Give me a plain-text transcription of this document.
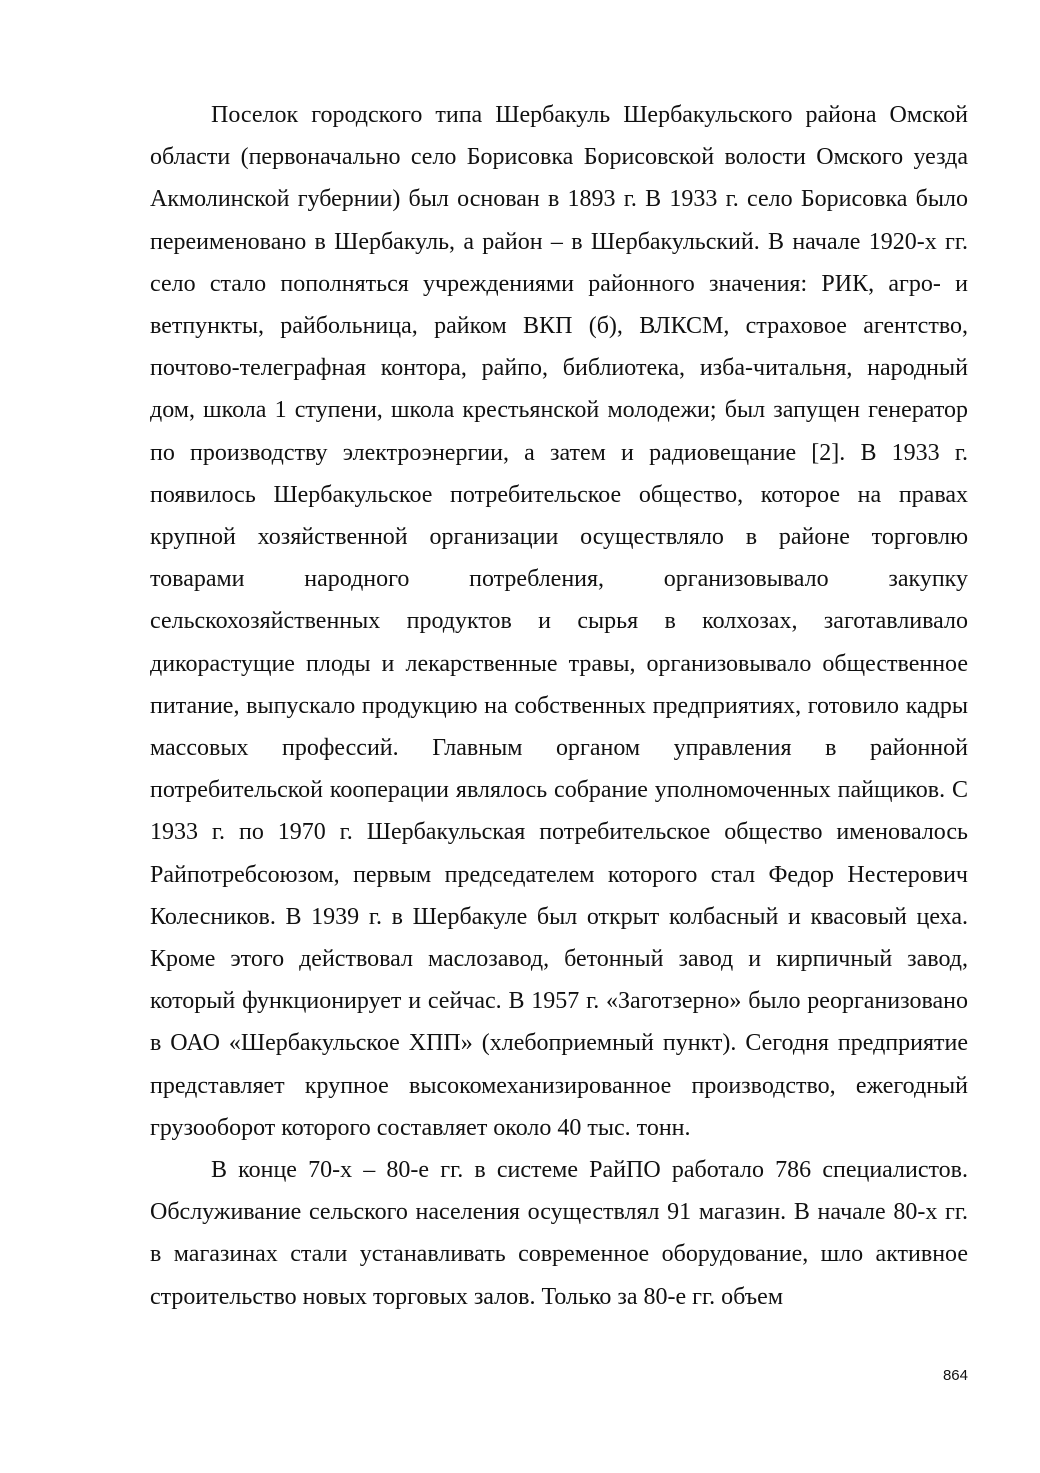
Поселок городского типа Шербакуль Шербакульского района Омской области (первоначально село Борисовка Борисовской волости Омского уезда Акмолинской губернии) был основан в 1893 г. В 1933 г. село Борисовка было переименовано в Шербакуль, а район – в Шербакульский. В начале 1920-х гг. село стало пополняться учреждениями районного значения: РИК, агро- и ветпункты, райбольница, райком ВКП (б), ВЛКСМ, страховое агентство, почтово-телеграфная контора, райпо, библиотека, изба-читальня, народный дом, школа 1 ступени, школа крестьянской молодежи; был запущен генератор по производству электроэнергии, а затем и радиовещание [2]. В 1933 г. появилось Шербакульское потребительское общество, которое на правах крупной хозяйственной организации осуществляло в районе торговлю товарами народного потребления, организовывало закупку сельскохозяйственных продуктов и сырья в колхозах, заготавливало дикорастущие плоды и лекарственные травы, организовывало общественное питание, выпускало продукцию на собственных предприятиях, готовило кадры массовых профессий. Главным органом управления в районной потребительской кооперации являлось собрание уполномоченных пайщиков. С 1933 г. по 1970 г. Шербакульская потребительское общество именовалось Райпотребсоюзом, первым председателем которого стал Федор Нестерович Колесников. В 1939 г. в Шербакуле был открыт колбасный и квасовый цеха. Кроме этого действовал маслозавод, бетонный завод и кирпичный завод, который функционирует и сейчас. В 1957 г. «Заготзерно» было реорганизовано в ОАО «Шербакульское ХПП» (хлебоприемный пункт). Сегодня предприятие представляет крупное высокомеханизированное производство, ежегодный грузооборот которого составляет около 40 тыс. тонн.

В конце 70-х – 80-е гг. в системе РайПО работало 786 специалистов. Обслуживание сельского населения осуществлял 91 магазин. В начале 80-х гг. в магазинах стали устанавливать современное оборудование, шло активное строительство новых торговых залов. Только за 80-е гг. объем

864
